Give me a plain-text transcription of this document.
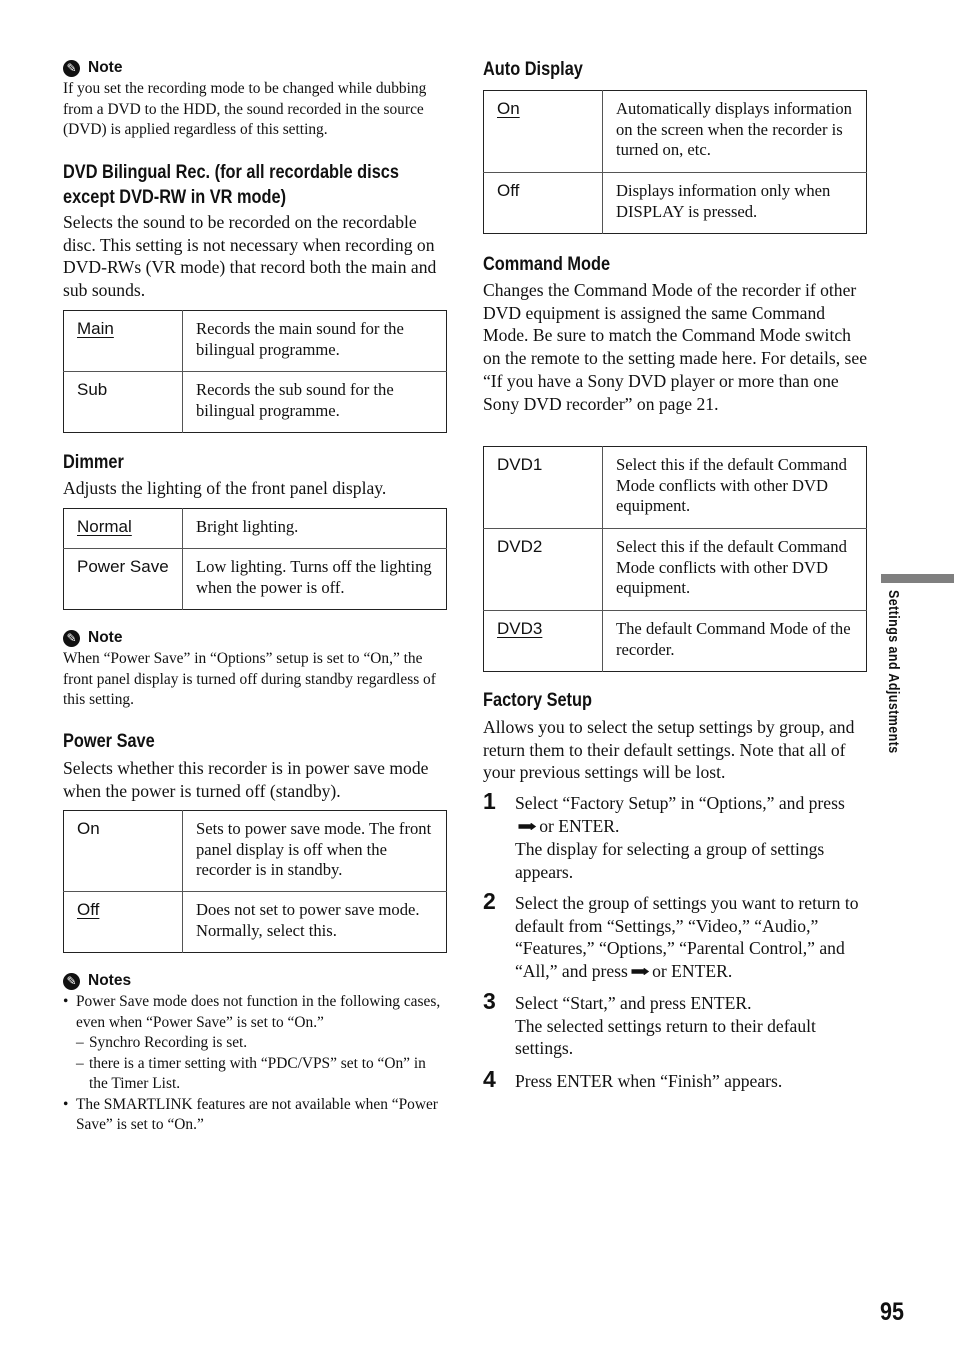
✎ Note
If you set the recording mode to be changed while dubbing from a DVD to the HDD, the sound recorded in the source (DVD) is applied regardless of this setting.
DVD Bilingual Rec. (for all recordable discs
except DVD-RW in VR mode)
Selects the sound to be recorded on the recordable disc. This setting is not necessary when recording on DVD-RWs (VR mode) that record both the main and sub sounds.
Main	Records the main sound for the bilingual programme.
Sub	Records the sub sound for the bilingual programme.
Dimmer
Adjusts the lighting of the front panel display.
Normal	Bright lighting.
Power Save	Low lighting. Turns off the lighting when the power is off.
✎ Note
When “Power Save” in “Options” setup is set to “On,” the front panel display is turned off during standby regardless of this setting.
Power Save
Selects whether this recorder is in power save mode when the power is turned off (standby).
On	Sets to power save mode. The front panel display is off when the recorder is in standby.
Off	Does not set to power save mode. Normally, select this.
✎ Notes
• Power Save mode does not function in the following cases, even when “Power Save” is set to “On.”
– Synchro Recording is set.
– there is a timer setting with “PDC/VPS” set to “On” in the Timer List.
• The SMARTLINK features are not available when “Power Save” is set to “On.”
Auto Display
On	Automatically displays information on the screen when the recorder is turned on, etc.
Off	Displays information only when DISPLAY is pressed.
Command Mode
Changes the Command Mode of the recorder if other DVD equipment is assigned the same Command Mode. Be sure to match the Command Mode switch on the remote to the setting made here. For details, see “If you have a Sony DVD player or more than one Sony DVD recorder” on page 21.
DVD1	Select this if the default Command Mode conflicts with other DVD equipment.
DVD2	Select this if the default Command Mode conflicts with other DVD equipment.
DVD3	The default Command Mode of the recorder.
Factory Setup
Allows you to select the setup settings by group, and return them to their default settings. Note that all of your previous settings will be lost.
1 Select “Factory Setup” in “Options,” and press➡ or ENTER.
The display for selecting a group of settings appears.
2 Select the group of settings you want to return to default from “Settings,” “Video,” “Audio,” “Features,” “Options,” “Parental Control,” and “All,” and press ➡ or ENTER.
3 Select “Start,” and press ENTER.
The selected settings return to their default settings.
4 Press ENTER when “Finish” appears.
Settings and Adjustments
95
